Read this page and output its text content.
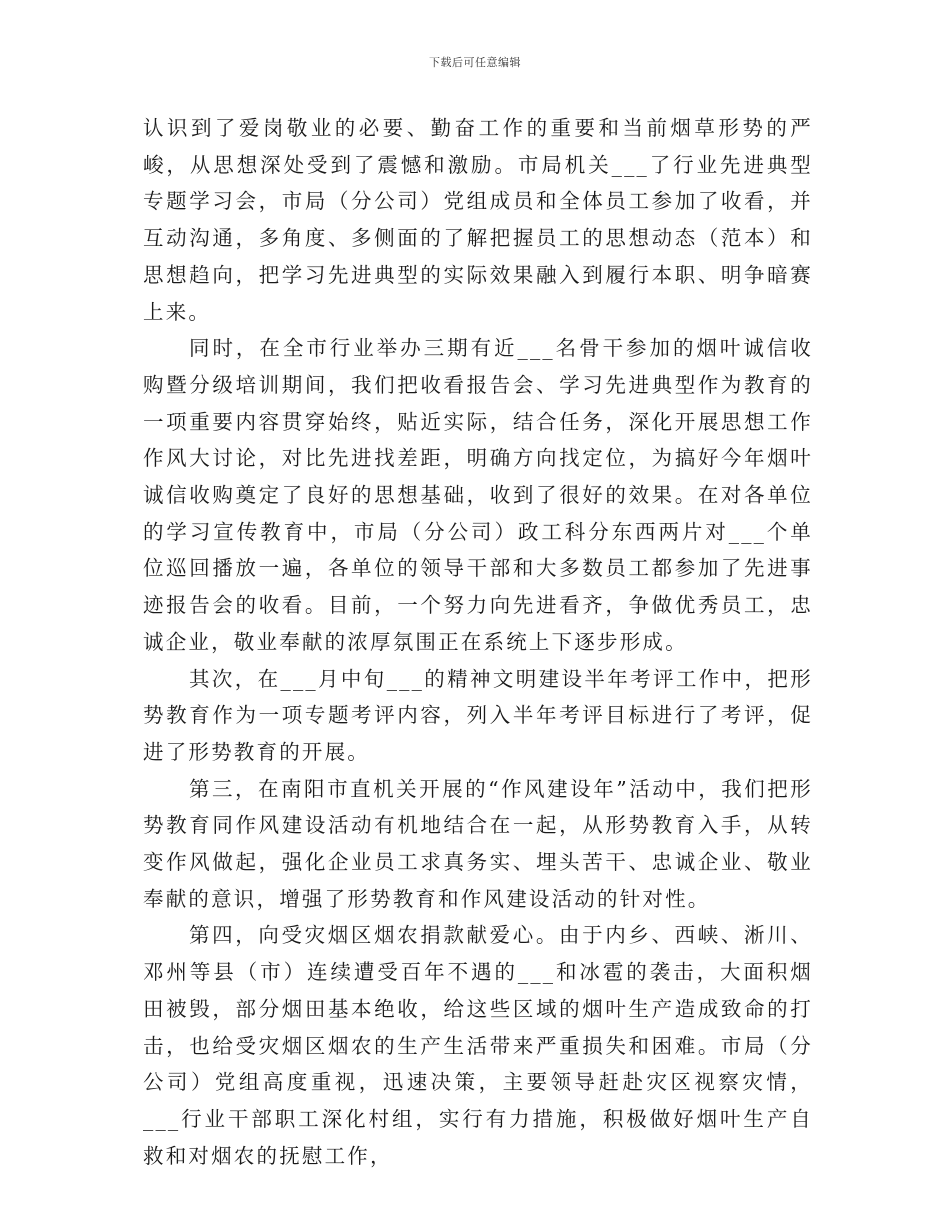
下载后可任意编辑

认识到了爱岗敬业的必要、勤奋工作的重要和当前烟草形势的严峻，从思想深处受到了震憾和激励。市局机关___了行业先进典型专题学习会，市局（分公司）党组成员和全体员工参加了收看，并互动沟通，多角度、多侧面的了解把握员工的思想动态（范本）和思想趋向，把学习先进典型的实际效果融入到履行本职、明争暗赛上来。

同时，在全市行业举办三期有近___名骨干参加的烟叶诚信收购暨分级培训期间，我们把收看报告会、学习先进典型作为教育的一项重要内容贯穿始终，贴近实际，结合任务，深化开展思想工作作风大讨论，对比先进找差距，明确方向找定位，为搞好今年烟叶诚信收购奠定了良好的思想基础，收到了很好的效果。在对各单位的学习宣传教育中，市局（分公司）政工科分东西两片对___个单位巡回播放一遍，各单位的领导干部和大多数员工都参加了先进事迹报告会的收看。目前，一个努力向先进看齐，争做优秀员工，忠诚企业，敬业奉献的浓厚氛围正在系统上下逐步形成。

其次，在___月中旬___的精神文明建设半年考评工作中，把形势教育作为一项专题考评内容，列入半年考评目标进行了考评，促进了形势教育的开展。

第三，在南阳市直机关开展的“作风建设年”活动中，我们把形势教育同作风建设活动有机地结合在一起，从形势教育入手，从转变作风做起，强化企业员工求真务实、埋头苦干、忠诚企业、敬业奉献的意识，增强了形势教育和作风建设活动的针对性。

第四，向受灾烟区烟农捐款献爱心。由于内乡、西峡、淅川、邓州等县（市）连续遭受百年不遇的___和冰雹的袭击，大面积烟田被毁，部分烟田基本绝收，给这些区域的烟叶生产造成致命的打击，也给受灾烟区烟农的生产生活带来严重损失和困难。市局（分公司）党组高度重视，迅速决策，主要领导赶赴灾区视察灾情，___行业干部职工深化村组，实行有力措施，积极做好烟叶生产自救和对烟农的抚慰工作，
